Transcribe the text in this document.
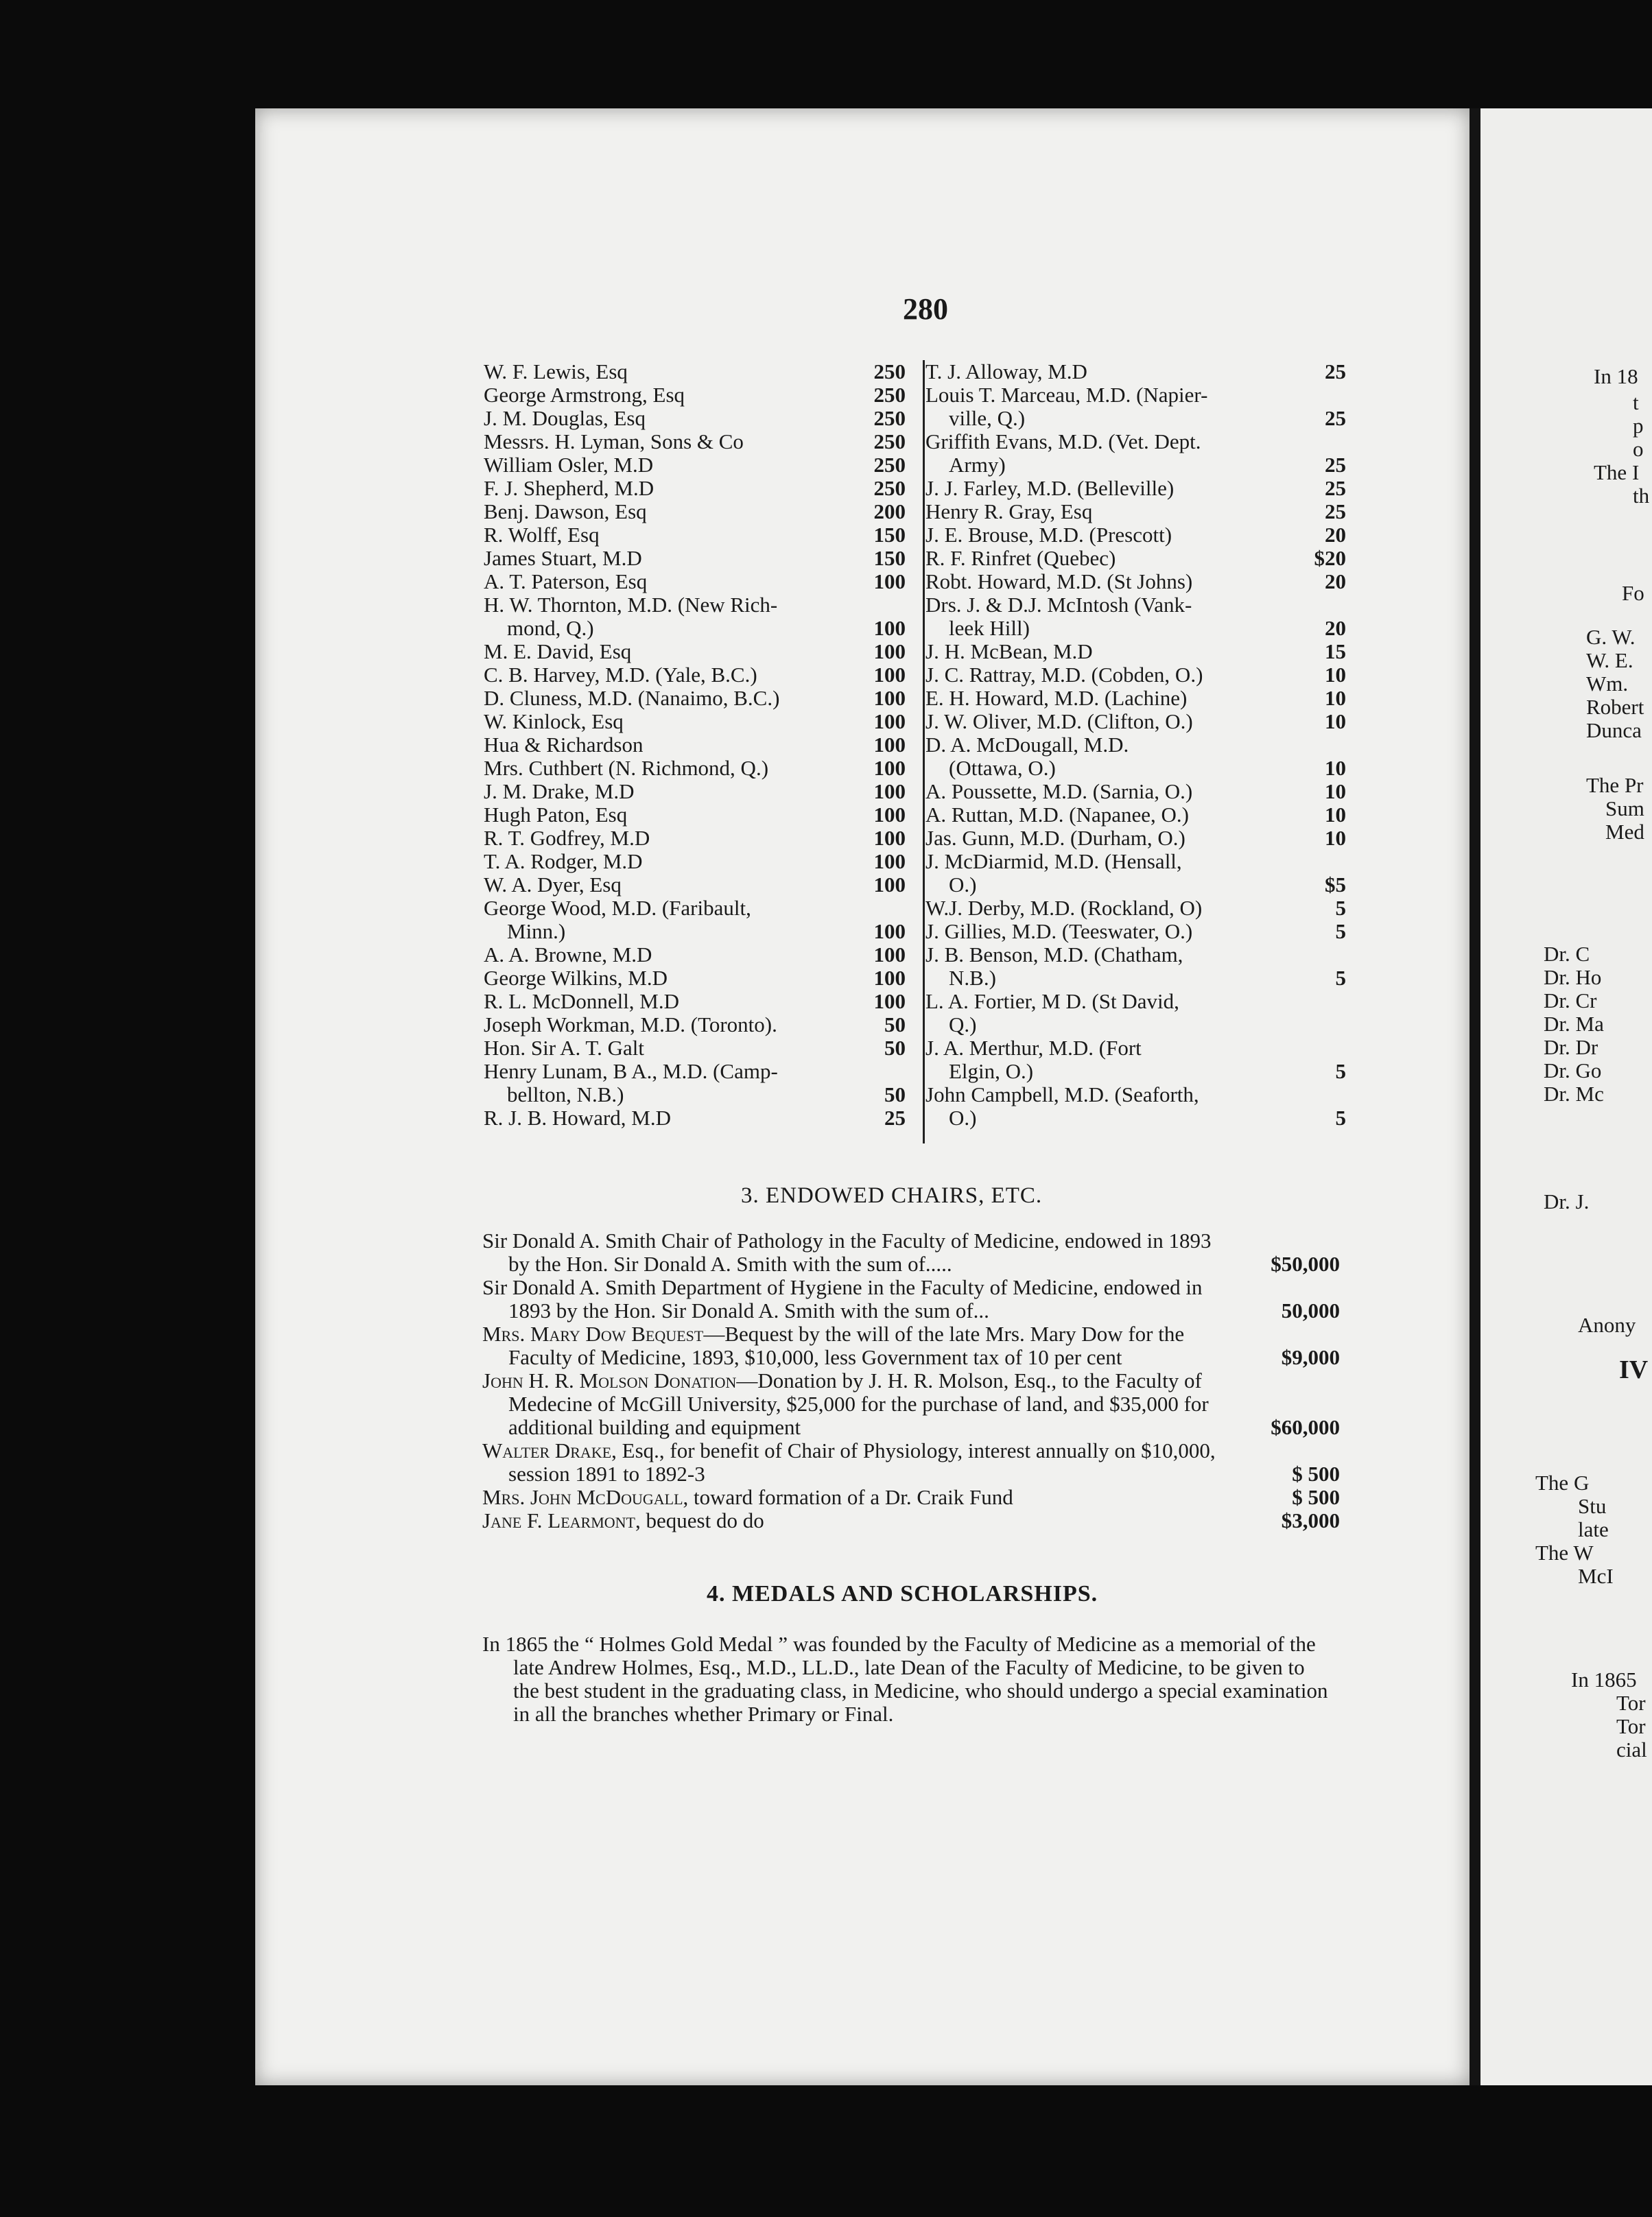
280
W. F. Lewis, Esq	250
George Armstrong, Esq	250
J. M. Douglas, Esq	250
Messrs. H. Lyman, Sons & Co	250
William Osler, M.D	250
F. J. Shepherd, M.D	250
Benj. Dawson, Esq	200
R. Wolff, Esq	150
James Stuart, M.D	150
A. T. Paterson, Esq	100
H. W. Thornton, M.D. (New Rich-
mond, Q.)	100
M. E. David, Esq	100
C. B. Harvey, M.D. (Yale, B.C.)	100
D. Cluness, M.D. (Nanaimo, B.C.)	100
W. Kinlock, Esq	100
Hua & Richardson	100
Mrs. Cuthbert (N. Richmond, Q.)	100
J. M. Drake, M.D	100
Hugh Paton, Esq	100
R. T. Godfrey, M.D	100
T. A. Rodger, M.D	100
W. A. Dyer, Esq	100
George Wood, M.D. (Faribault,
Minn.)	100
A. A. Browne, M.D	100
George Wilkins, M.D	100
R. L. McDonnell, M.D	100
Joseph Workman, M.D. (Toronto).	50
Hon. Sir A. T. Galt	50
Henry Lunam, B A., M.D. (Camp-
bellton, N.B.)	50
R. J. B. Howard, M.D	25
T. J. Alloway, M.D	25
Louis T. Marceau, M.D. (Napier-
ville, Q.)	25
Griffith Evans, M.D. (Vet. Dept.
Army)	25
J. J. Farley, M.D. (Belleville)	25
Henry R. Gray, Esq	25
J. E. Brouse, M.D. (Prescott)	20
R. F. Rinfret (Quebec)	$20
Robt. Howard, M.D. (St Johns)	20
Drs. J. & D.J. McIntosh (Vank-
leek Hill)	20
J. H. McBean, M.D	15
J. C. Rattray, M.D. (Cobden, O.)	10
E. H. Howard, M.D. (Lachine)	10
J. W. Oliver, M.D. (Clifton, O.)	10
D. A. McDougall, M.D.
(Ottawa, O.)	10
A. Poussette, M.D. (Sarnia, O.)	10
A. Ruttan, M.D. (Napanee, O.)	10
Jas. Gunn, M.D. (Durham, O.)	10
J. McDiarmid, M.D. (Hensall,
O.)	$5
W.J. Derby, M.D. (Rockland, O)	5
J. Gillies, M.D. (Teeswater, O.)	5
J. B. Benson, M.D. (Chatham,
N.B.)	5
L. A. Fortier, M D. (St David,
Q.)
J. A. Merthur, M.D. (Fort
Elgin, O.)	5
John Campbell, M.D. (Seaforth,
O.)	5
3. ENDOWED CHAIRS, ETC.
Sir Donald A. Smith Chair of Pathology in the Faculty of Medicine, endowed in 1893 by the Hon. Sir Donald A. Smith with the sum of.....	$50,000
Sir Donald A. Smith Department of Hygiene in the Faculty of Medicine, endowed in 1893 by the Hon. Sir Donald A. Smith with the sum of...	50,000
Mrs. Mary Dow Bequest—Bequest by the will of the late Mrs. Mary Dow for the Faculty of Medicine, 1893, $10,000, less Government tax of 10 per cent	$9,000
John H. R. Molson Donation—Donation by J. H. R. Molson, Esq., to the Faculty of Medecine of McGill University, $25,000 for the purchase of land, and $35,000 for additional building and equipment	$60,000
Walter Drake, Esq., for benefit of Chair of Physiology, interest annually on $10,000, session 1891 to 1892-3	$ 500
Mrs. John McDougall, toward formation of a Dr. Craik Fund	$ 500
Jane F. Learmont, bequest do do	$3,000
4. MEDALS AND SCHOLARSHIPS.
In 1865 the “ Holmes Gold Medal ” was founded by the Faculty of Medicine as a memorial of the late Andrew Holmes, Esq., M.D., LL.D., late Dean of the Faculty of Medicine, to be given to the best student in the graduating class, in Medicine, who should undergo a special examination in all the branches whether Primary or Final.
In 18
t
p
o
The I
th
Fo
G. W.
W. E.
Wm.
Robert
Dunca
The Pr
Sum
Med
Dr. C
Dr. Ho
Dr. Cr
Dr. Ma
Dr. Dr
Dr. Go
Dr. Mc
Dr. J.
Anony
IV
The G
Stu
late
The W
McI
In 1865
Tor
Tor
cial
